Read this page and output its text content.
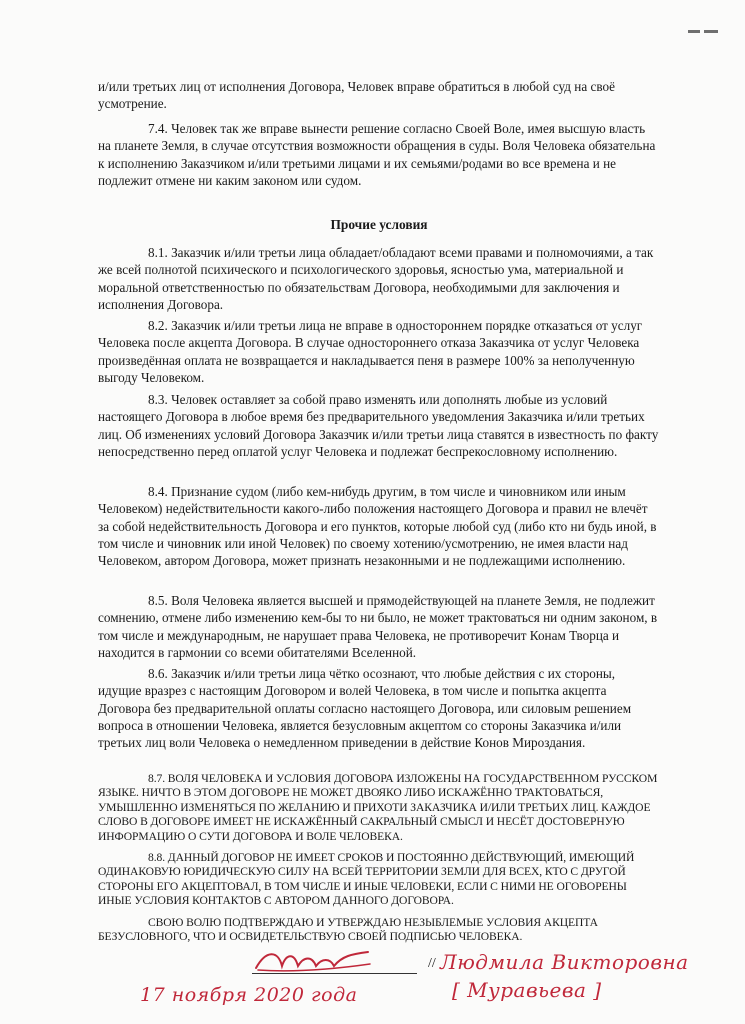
и/или третьих лиц от исполнения Договора, Человек вправе обратиться в любой суд на своё усмотрение.

7.4. Человек так же вправе вынести решение согласно Своей Воле, имея высшую власть на планете Земля, в случае отсутствия возможности обращения в суды. Воля Человека обязательна к исполнению Заказчиком и/или третьими лицами и их семьями/родами во все времена и не подлежит отмене ни каким законом или судом.

Прочие условия

8.1. Заказчик и/или третьи лица обладает/обладают всеми правами и полномочиями, а так же всей полнотой психического и психологического здоровья, ясностью ума, материальной и моральной ответственностью по обязательствам Договора, необходимыми для заключения и исполнения Договора.

8.2. Заказчик и/или третьи лица не вправе в одностороннем порядке отказаться от услуг Человека после акцепта Договора. В случае одностороннего отказа Заказчика от услуг Человека произведённая оплата не возвращается и накладывается пеня в размере 100% за неполученную выгоду Человеком.

8.3. Человек оставляет за собой право изменять или дополнять любые из условий настоящего Договора в любое время без предварительного уведомления Заказчика и/или третьих лиц. Об изменениях условий Договора Заказчик и/или третьи лица ставятся в известность по факту непосредственно перед оплатой услуг Человека и подлежат беспрекословному исполнению.

8.4. Признание судом (либо кем-нибудь другим, в том числе и чиновником или иным Человеком) недействительности какого-либо положения настоящего Договора и правил не влечёт за собой недействительность Договора и его пунктов, которые любой суд (либо кто ни будь иной, в том числе и чиновник или иной Человек) по своему хотению/усмотрению, не имея власти над Человеком, автором Договора, может признать незаконными и не подлежащими исполнению.

8.5. Воля Человека является высшей и прямодействующей на планете Земля, не подлежит сомнению, отмене либо изменению кем-бы то ни было, не может трактоваться ни одним законом, в том числе и международным, не нарушает права Человека, не противоречит Конам Творца и находится в гармонии со всеми обитателями Вселенной.

8.6. Заказчик и/или третьи лица чётко осознают, что любые действия с их стороны, идущие вразрез с настоящим Договором и волей Человека, в том числе и попытка акцепта Договора без предварительной оплаты согласно настоящего Договора, или силовым решением вопроса в отношении Человека, является безусловным акцептом со стороны Заказчика и/или третьих лиц воли Человека о немедленном приведении в действие Конов Мироздания.

8.7. ВОЛЯ ЧЕЛОВЕКА И УСЛОВИЯ ДОГОВОРА ИЗЛОЖЕНЫ НА ГОСУДАРСТВЕННОМ РУССКОМ ЯЗЫКЕ. НИЧТО В ЭТОМ ДОГОВОРЕ НЕ МОЖЕТ ДВОЯКО ЛИБО ИСКАЖЁННО ТРАКТОВАТЬСЯ, УМЫШЛЕННО ИЗМЕНЯТЬСЯ ПО ЖЕЛАНИЮ И ПРИХОТИ ЗАКАЗЧИКА И/ИЛИ ТРЕТЬИХ ЛИЦ. КАЖДОЕ СЛОВО В ДОГОВОРЕ ИМЕЕТ НЕ ИСКАЖЁННЫЙ САКРАЛЬНЫЙ СМЫСЛ И НЕСЁТ ДОСТОВЕРНУЮ ИНФОРМАЦИЮ О СУТИ ДОГОВОРА И ВОЛЕ ЧЕЛОВЕКА.

8.8. ДАННЫЙ ДОГОВОР НЕ ИМЕЕТ СРОКОВ И ПОСТОЯННО ДЕЙСТВУЮЩИЙ, ИМЕЮЩИЙ ОДИНАКОВУЮ ЮРИДИЧЕСКУЮ СИЛУ НА ВСЕЙ ТЕРРИТОРИИ ЗЕМЛИ ДЛЯ ВСЕХ, КТО С ДРУГОЙ СТОРОНЫ ЕГО АКЦЕПТОВАЛ, В ТОМ ЧИСЛЕ И ИНЫЕ ЧЕЛОВЕКИ, ЕСЛИ С НИМИ НЕ ОГОВОРЕНЫ ИНЫЕ УСЛОВИЯ КОНТАКТОВ С АВТОРОМ ДАННОГО ДОГОВОРА.

СВОЮ ВОЛЮ ПОДТВЕРЖДАЮ И УТВЕРЖДАЮ НЕЗЫБЛЕМЫЕ УСЛОВИЯ АКЦЕПТА БЕЗУСЛОВНОГО, ЧТО И ОСВИДЕТЕЛЬСТВУЮ СВОЕЙ ПОДПИСЬЮ ЧЕЛОВЕКА.

// Людмила Викторовна
[ Муравьева ]
17 ноября 2020 года
